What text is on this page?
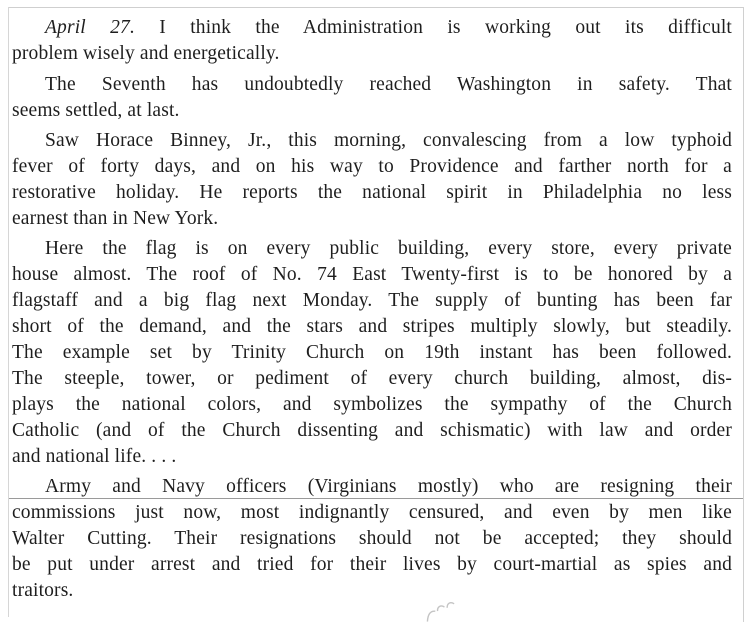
April 27. I think the Administration is working out its difficult
problem wisely and energetically.
The Seventh has undoubtedly reached Washington in safety. That
seems settled, at last.
Saw Horace Binney, Jr., this morning, convalescing from a low typhoid
fever of forty days, and on his way to Providence and farther north for a
restorative holiday. He reports the national spirit in Philadelphia no less
earnest than in New York.
Here the flag is on every public building, every store, every private
house almost. The roof of No. 74 East Twenty-first is to be honored by a
flagstaff and a big flag next Monday. The supply of bunting has been far
short of the demand, and the stars and stripes multiply slowly, but steadily.
The example set by Trinity Church on 19th instant has been followed.
The steeple, tower, or pediment of every church building, almost, dis-
plays the national colors, and symbolizes the sympathy of the Church
Catholic (and of the Church dissenting and schismatic) with law and order
and national life. . . .
Army and Navy officers (Virginians mostly) who are resigning their
commissions just now, most indignantly censured, and even by men like
Walter Cutting. Their resignations should not be accepted; they should
be put under arrest and tried for their lives by court-martial as spies and
traitors.
